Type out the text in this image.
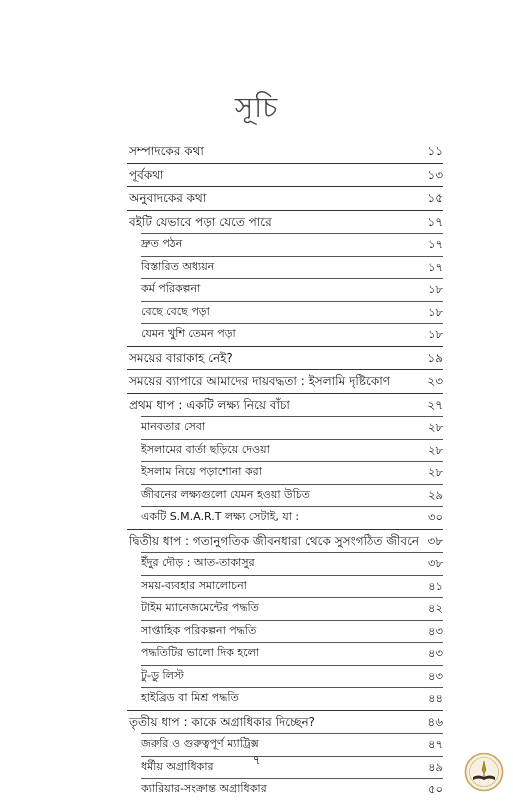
সূচি
সম্পাদকের কথা	১১
পূর্বকথা	১৩
অনুবাদকের কথা	১৫
বইটি যেভাবে পড়া যেতে পারে	১৭
দ্রুত পঠন	১৭
বিস্তারিত অধ্যয়ন	১৭
কর্ম পরিকল্পনা	১৮
বেছে বেছে পড়া	১৮
যেমন খুশি তেমন পড়া	১৮
সময়ের বারাকাহ নেই?	১৯
সময়ের ব্যাপারে আমাদের দায়বদ্ধতা : ইসলামি দৃষ্টিকোণ	২৩
প্রথম ধাপ : একটি লক্ষ্য নিয়ে বাঁচা	২৭
মানবতার সেবা	২৮
ইসলামের বার্তা ছড়িয়ে দেওয়া	২৮
ইসলাম নিয়ে পড়াশোনা করা	২৮
জীবনের লক্ষ্যগুলো যেমন হওয়া উচিত	২৯
একটি S.M.A.R.T লক্ষ্য সেটাই, যা :	৩০
দ্বিতীয় ধাপ : গতানুগতিক জীবনধারা থেকে সুসংগঠিত জীবনে ৩৮
ইঁদুর দৌড় : আত-তাকাসুর	৩৮
সময়-ব্যবহার সমালোচনা	৪১
টাইম ম্যানেজমেন্টের পদ্ধতি	৪২
সাপ্তাহিক পরিকল্পনা পদ্ধতি	৪৩
পদ্ধতিটির ভালো দিক হলো	৪৩
টু-ডু লিস্ট	৪৩
হাইব্রিড বা মিশ্র পদ্ধতি	৪৪
তৃতীয় ধাপ : কাকে অগ্রাধিকার দিচ্ছেন?	৪৬
জরুরি ও গুরুত্বপূর্ণ ম্যাট্রিক্স	৪৭
ধর্মীয় অগ্রাধিকার	৪৯
ক্যারিয়ার-সংক্রান্ত অগ্রাধিকার	৫০
৭
